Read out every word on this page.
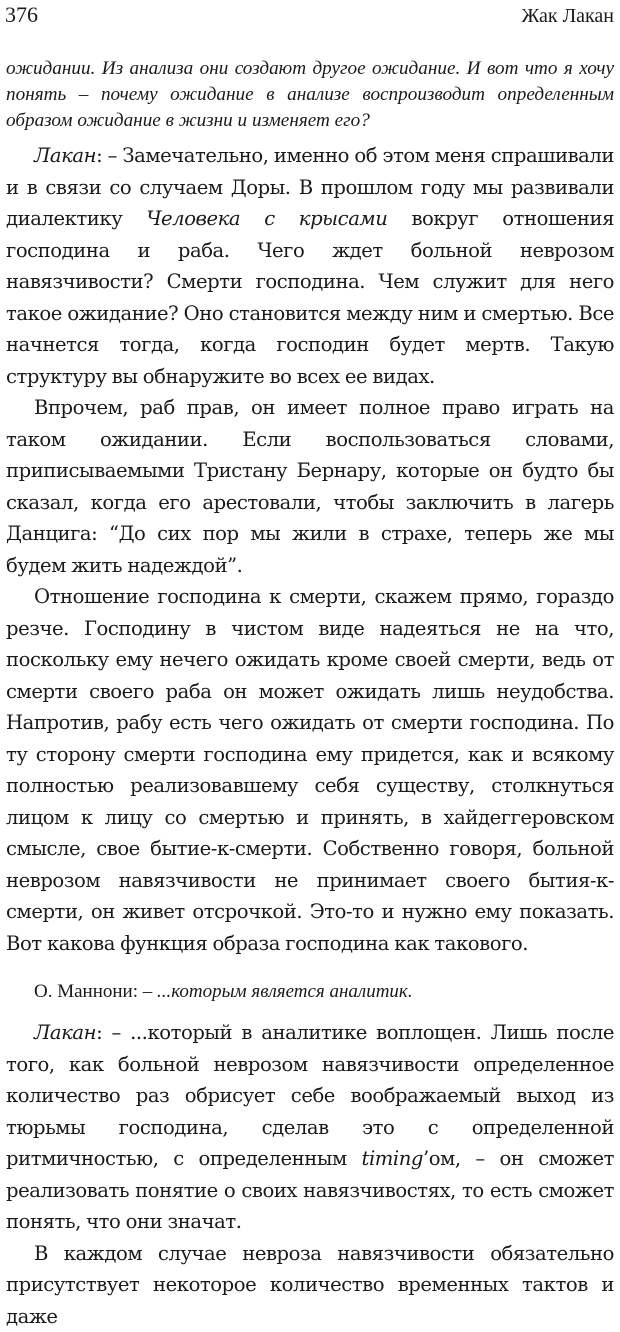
376	Жак Лакан

ожидании. Из анализа они создают другое ожидание. И вот что я хочу понять – почему ожидание в анализе воспроизводит определенным образом ожидание в жизни и изменяет его?

Лакан: – Замечательно, именно об этом меня спрашивали и в связи со случаем Доры. В прошлом году мы развивали диалектику Человека с крысами вокруг отношения господина и раба. Чего ждет больной неврозом навязчивости? Смерти господина. Чем служит для него такое ожидание? Оно становится между ним и смертью. Все начнется тогда, когда господин будет мертв. Такую структуру вы обнаружите во всех ее видах.

Впрочем, раб прав, он имеет полное право играть на таком ожидании. Если воспользоваться словами, приписываемыми Тристану Бернару, которые он будто бы сказал, когда его арестовали, чтобы заключить в лагерь Данцига: “До сих пор мы жили в страхе, теперь же мы будем жить надеждой”.

Отношение господина к смерти, скажем прямо, гораздо резче. Господину в чистом виде надеяться не на что, поскольку ему нечего ожидать кроме своей смерти, ведь от смерти своего раба он может ожидать лишь неудобства. Напротив, рабу есть чего ожидать от смерти господина. По ту сторону смерти господина ему придется, как и всякому полностью реализовавшему себя существу, столкнуться лицом к лицу со смертью и принять, в хайдеггеровском смысле, свое бытие-к-смерти. Собственно говоря, больной неврозом навязчивости не принимает своего бытия-к-смерти, он живет отсрочкой. Это-то и нужно ему показать. Вот какова функция образа господина как такового.

О. Маннони: – ...которым является аналитик.

Лакан: – ...который в аналитике воплощен. Лишь после того, как больной неврозом навязчивости определенное количество раз обрисует себе воображаемый выход из тюрьмы господина, сделав это с определенной ритмичностью, с определенным timing’ом, – он сможет реализовать понятие о своих навязчивостях, то есть сможет понять, что они значат.

В каждом случае невроза навязчивости обязательно присутствует некоторое количество временных тактов и даже
